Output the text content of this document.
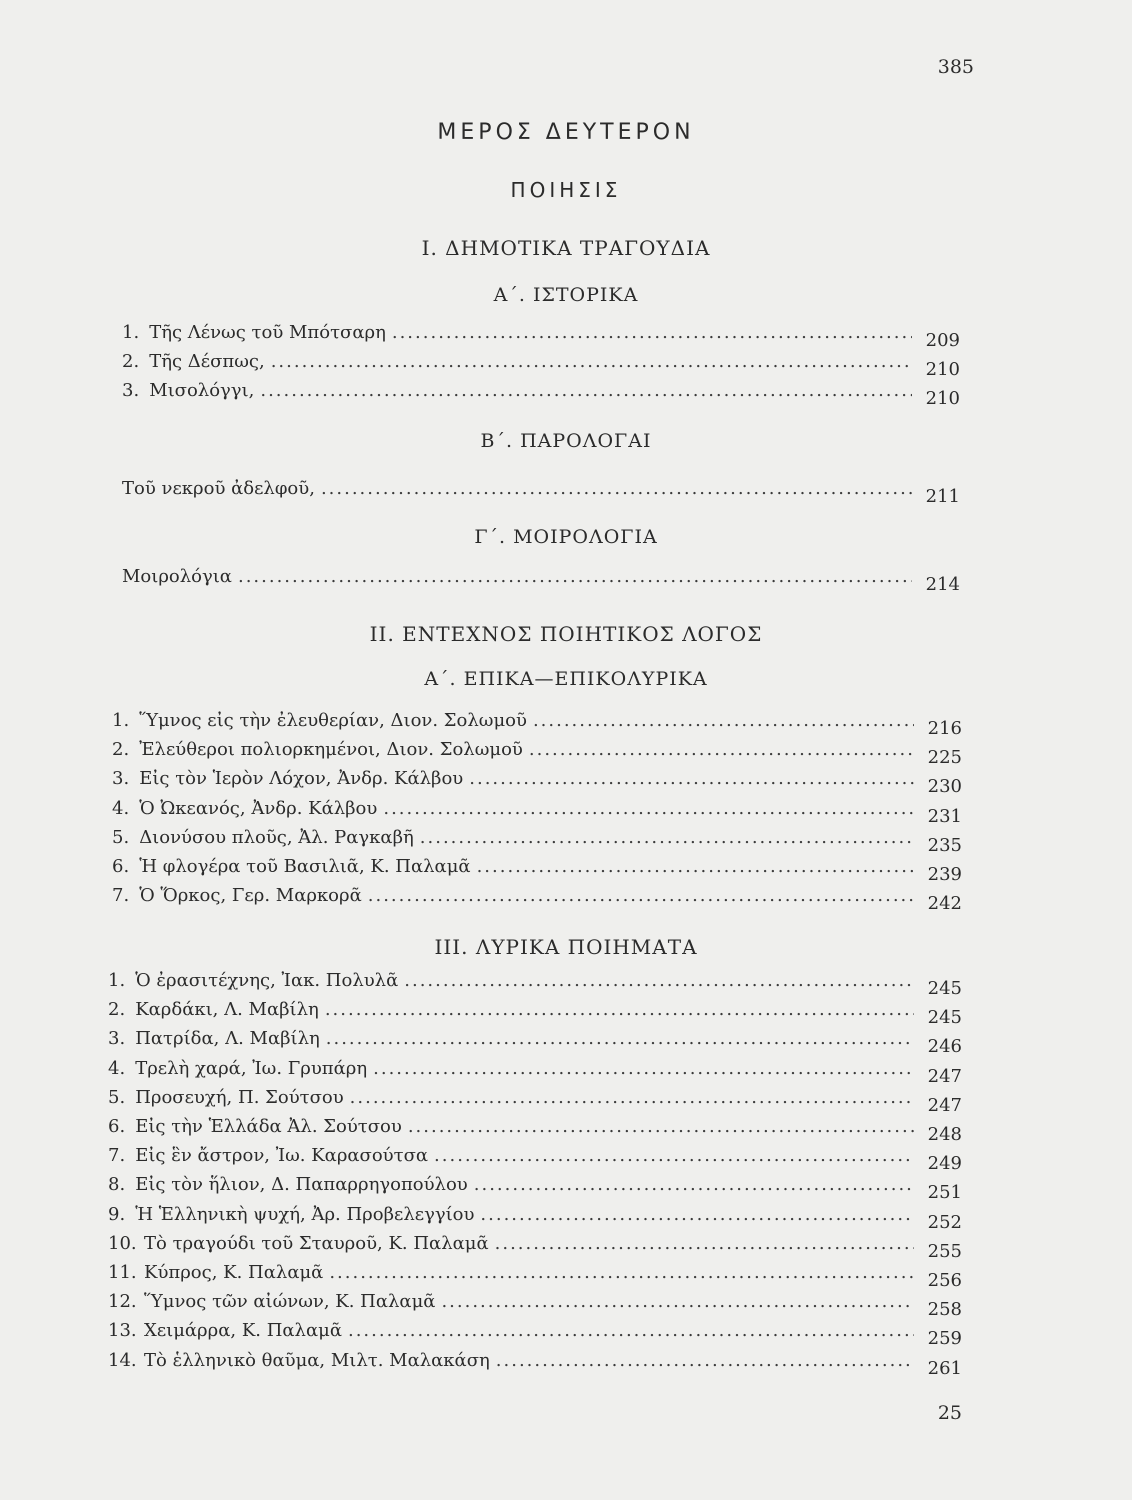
385
ΜΕΡΟΣ ΔΕΥΤΕΡΟΝ
ΠΟΙΗΣΙΣ
I. ΔΗΜΟΤΙΚΑ ΤΡΑΓΟΥΔΙΑ
Α΄. ΙΣΤΟΡΙΚΑ
1. Τῆς Λένως τοῦ Μπότσαρη .....	209
2. Τῆς Δέσπως, .....	210
3. Μισολόγγι, .....	210
Β΄. ΠΑΡΟΛΟΓΑΙ
Τοῦ νεκροῦ ἀδελφοῦ, .....	211
Γ΄. ΜΟΙΡΟΛΟΓΙΑ
Μοιρολόγια .....	214
II. ΕΝΤΕΧΝΟΣ ΠΟΙΗΤΙΚΟΣ ΛΟΓΟΣ
Α΄. ΕΠΙΚΑ—ΕΠΙΚΟΛΥΡΙΚΑ
1. Ὕμνος εἰς τὴν ἐλευθερίαν, Διον. Σολωμοῦ .....	216
2. Ἐλεύθεροι πολιορκημένοι, Διον. Σολωμοῦ .....	225
3. Εἰς τὸν Ἱερὸν Λόχον, Ἀνδρ. Κάλβου .....	230
4. Ὁ Ὠκεανός, Ἀνδρ. Κάλβου .....	231
5. Διονύσου πλοῦς, Ἀλ. Ραγκαβῆ .....	235
6. Ἡ φλογέρα τοῦ Βασιλιᾶ, Κ. Παλαμᾶ .....	239
7. Ὁ Ὅρκος, Γερ. Μαρκορᾶ .....	242
III. ΛΥΡΙΚΑ ΠΟΙΗΜΑΤΑ
1. Ὁ ἐρασιτέχνης, Ἰακ. Πολυλᾶ .....	245
2. Καρδάκι, Λ. Μαβίλη .....	245
3. Πατρίδα, Λ. Μαβίλη .....	246
4. Τρελὴ χαρά, Ἰω. Γρυπάρη .....	247
5. Προσευχή, Π. Σούτσου .....	247
6. Εἰς τὴν Ἑλλάδα Ἀλ. Σούτσου .....	248
7. Εἰς ἓν ἄστρον, Ἰω. Καρασούτσα .....	249
8. Εἰς τὸν ἥλιον, Δ. Παπαρρηγοπούλου .....	251
9. Ἡ Ἑλληνικὴ ψυχή, Ἀρ. Προβελεγγίου .....	252
10. Τὸ τραγούδι τοῦ Σταυροῦ, Κ. Παλαμᾶ .....	255
11. Κύπρος, Κ. Παλαμᾶ .....	256
12. Ὕμνος τῶν αἰώνων, Κ. Παλαμᾶ .....	258
13. Χειμάρρα, Κ. Παλαμᾶ .....	259
14. Τὸ ἑλληνικὸ θαῦμα, Μιλτ. Μαλακάση .....	261
25
